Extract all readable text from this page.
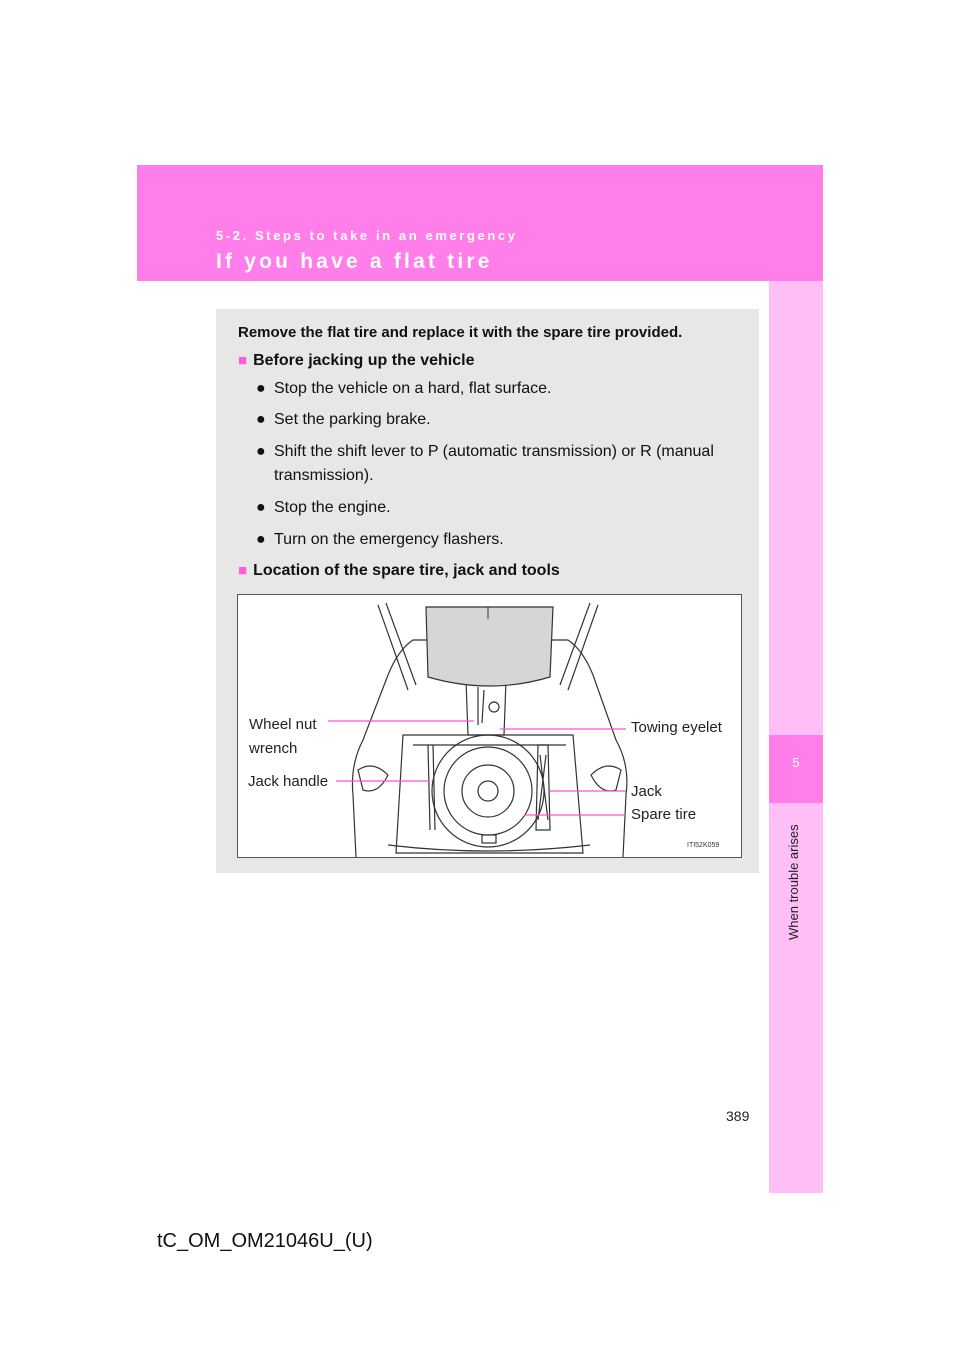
5-2. Steps to take in an emergency
If you have a flat tire
5
When trouble arises
Remove the flat tire and replace it with the spare tire provided.
■ Before jacking up the vehicle
● Stop the vehicle on a hard, flat surface.
● Set the parking brake.
● Shift the shift lever to P (automatic transmission) or R (manual transmission).
● Stop the engine.
● Turn on the emergency flashers.
■ Location of the spare tire, jack and tools
Wheel nut
wrench
Jack handle
Towing eyelet
Jack
Spare tire
ITI52K059
389
tC_OM_OM21046U_(U)
